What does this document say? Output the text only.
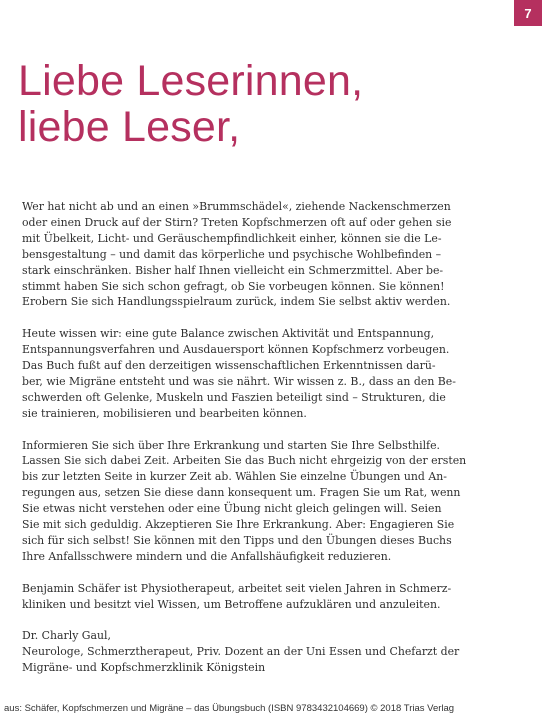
7
Liebe Leserinnen,
liebe Leser,

Wer hat nicht ab und an einen »Brummschädel«, ziehende Nackenschmerzen
oder einen Druck auf der Stirn? Treten Kopfschmerzen oft auf oder gehen sie
mit Übelkeit, Licht- und Geräuschempfindlichkeit einher, können sie die Le-
bensgestaltung – und damit das körperliche und psychische Wohlbefinden –
stark einschränken. Bisher half Ihnen vielleicht ein Schmerzmittel. Aber be-
stimmt haben Sie sich schon gefragt, ob Sie vorbeugen können. Sie können!
Erobern Sie sich Handlungsspielraum zurück, indem Sie selbst aktiv werden.

Heute wissen wir: eine gute Balance zwischen Aktivität und Entspannung,
Entspannungsverfahren und Ausdauersport können Kopfschmerz vorbeugen.
Das Buch fußt auf den derzeitigen wissenschaftlichen Erkenntnissen darü-
ber, wie Migräne entsteht und was sie nährt. Wir wissen z. B., dass an den Be-
schwerden oft Gelenke, Muskeln und Faszien beteiligt sind – Strukturen, die
sie trainieren, mobilisieren und bearbeiten können.

Informieren Sie sich über Ihre Erkrankung und starten Sie Ihre Selbsthilfe.
Lassen Sie sich dabei Zeit. Arbeiten Sie das Buch nicht ehrgeizig von der ersten
bis zur letzten Seite in kurzer Zeit ab. Wählen Sie einzelne Übungen und An-
regungen aus, setzen Sie diese dann konsequent um. Fragen Sie um Rat, wenn
Sie etwas nicht verstehen oder eine Übung nicht gleich gelingen will. Seien
Sie mit sich geduldig. Akzeptieren Sie Ihre Erkrankung. Aber: Engagieren Sie
sich für sich selbst! Sie können mit den Tipps und den Übungen dieses Buchs
Ihre Anfallsschwere mindern und die Anfallshäufigkeit reduzieren.

Benjamin Schäfer ist Physiotherapeut, arbeitet seit vielen Jahren in Schmerz-
kliniken und besitzt viel Wissen, um Betroffene aufzuklären und anzuleiten.

Dr. Charly Gaul,
Neurologe, Schmerztherapeut, Priv. Dozent an der Uni Essen und Chefarzt der
Migräne- und Kopfschmerzklinik Königstein

aus: Schäfer, Kopfschmerzen und Migräne – das Übungsbuch (ISBN 9783432104669) © 2018 Trias Verlag
